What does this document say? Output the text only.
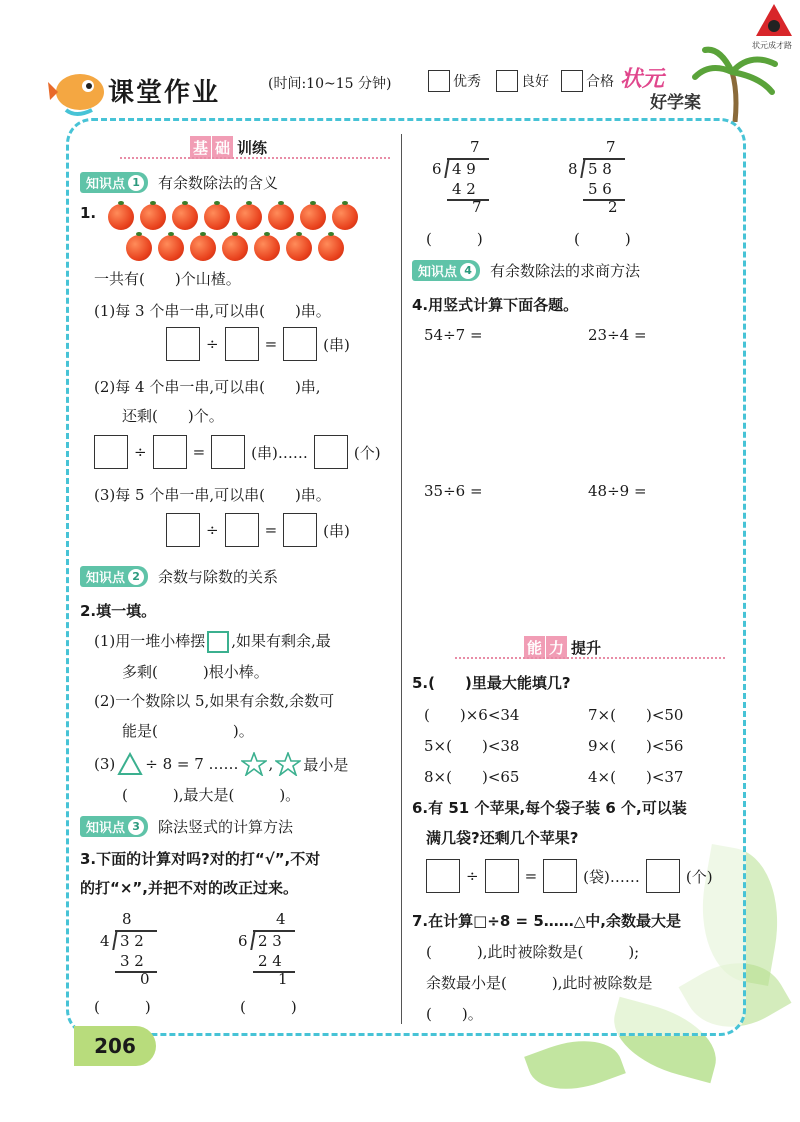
课堂作业	(时间:10~15 分钟)	优秀	良好	合格 状元
好学案
状元成才路
基 础 训练
知识点 1 有余数除法的含义
1.
一共有(　　)个山楂。
(1)每 3 个串一串,可以串(　　)串。
÷	=	(串)
(2)每 4 个串一串,可以串(　　)串,
还剩(　　)个。
÷	=	(串)……	(个)
(3)每 5 个串一串,可以串(　　)串。
÷	=	(串)
知识点 2 余数与除数的关系
2.填一填。
(1)用一堆小棒摆 ,如果有剩余,最
多剩(　　　)根小棒。
(2)一个数除以 5,如果有余数,余数可
能是(　　　　　)。
(3) ÷ 8 = 7 …… , 最小是
(　　　),最大是(　　　)。
知识点 3 除法竖式的计算方法
3.下面的计算对吗?对的打“√”,不对
的打“×”,并把不对的改正过来。
8
4 3 2
3 2
0
4
6 2 3
2 4
1
(　　　)	(　　　)
7
6 4 9
4 2
7
7
8 5 8
5 6
2
(　　　)	(　　　)
知识点 4 有余数除法的求商方法
4.用竖式计算下面各题。
54÷7 =	23÷4 =
35÷6 =	48÷9 =
能 力 提升
5.(　　)里最大能填几?
(　　)×6<34	7×(　　)<50
5×(　　)<38	9×(　　)<56
8×(　　)<65	4×(　　)<37
6.有 51 个苹果,每个袋子装 6 个,可以装
满几袋?还剩几个苹果?
÷	=	(袋)……	(个)
7.在计算□÷8 = 5……△中,余数最大是
(　　　),此时被除数是(　　　);
余数最小是(　　　),此时被除数是
(　　)。
206
